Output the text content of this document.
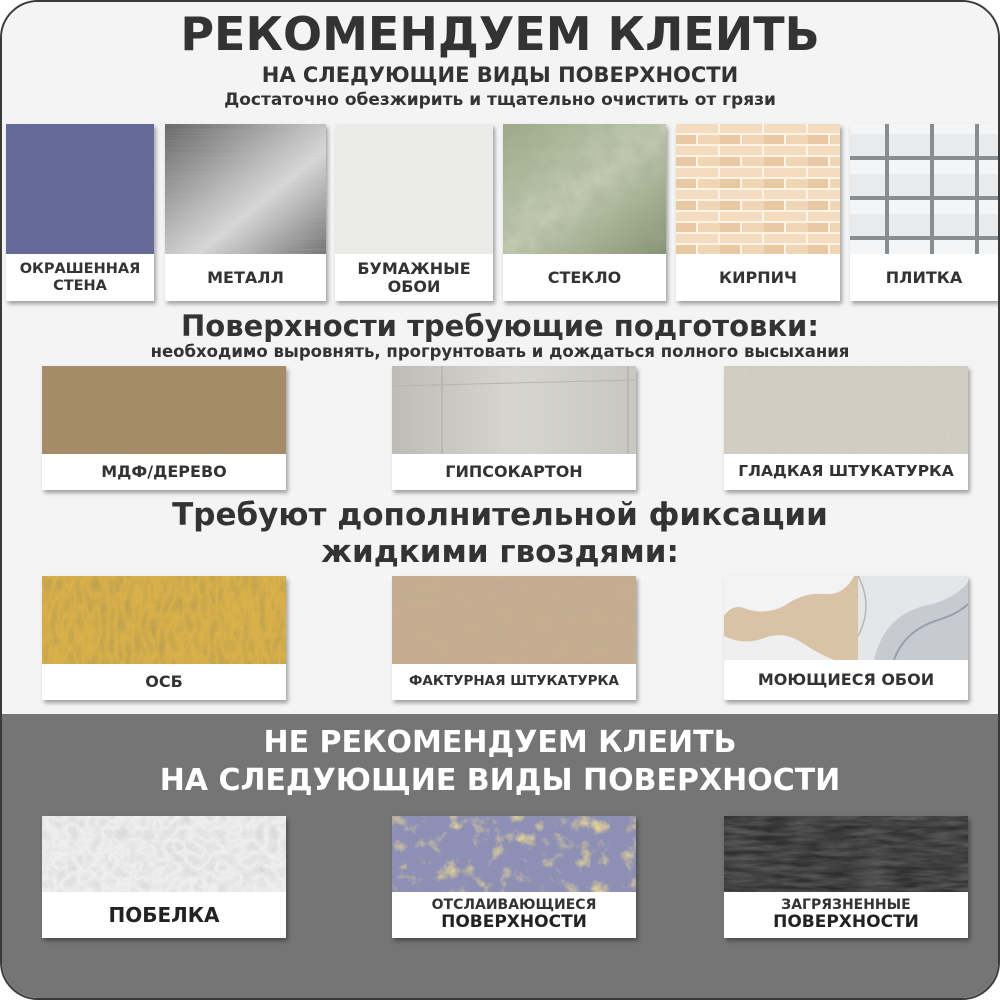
РЕКОМЕНДУЕМ КЛЕИТЬ
НА СЛЕДУЮЩИЕ ВИДЫ ПОВЕРХНОСТИ
Достаточно обезжирить и тщательно очистить от грязи
ОКРАШЕННАЯ СТЕНА	МЕТАЛЛ	БУМАЖНЫЕ ОБОИ	СТЕКЛО	КИРПИЧ	ПЛИТКА
Поверхности требующие подготовки:
необходимо выровнять, прогрунтовать и дождаться полного высыхания
МДФ/ДЕРЕВО	ГИПСОКАРТОН	ГЛАДКАЯ ШТУКАТУРКА
Требуют дополнительной фиксации
жидкими гвоздями:
ОСБ	ФАКТУРНАЯ ШТУКАТУРКА	МОЮЩИЕСЯ ОБОИ
НЕ РЕКОМЕНДУЕМ КЛЕИТЬ
НА СЛЕДУЮЩИЕ ВИДЫ ПОВЕРХНОСТИ
ПОБЕЛКА	ОТСЛАИВАЮЩИЕСЯ
ПОВЕРХНОСТИ
ЗАГРЯЗНЕННЫЕ
ПОВЕРХНОСТИ
